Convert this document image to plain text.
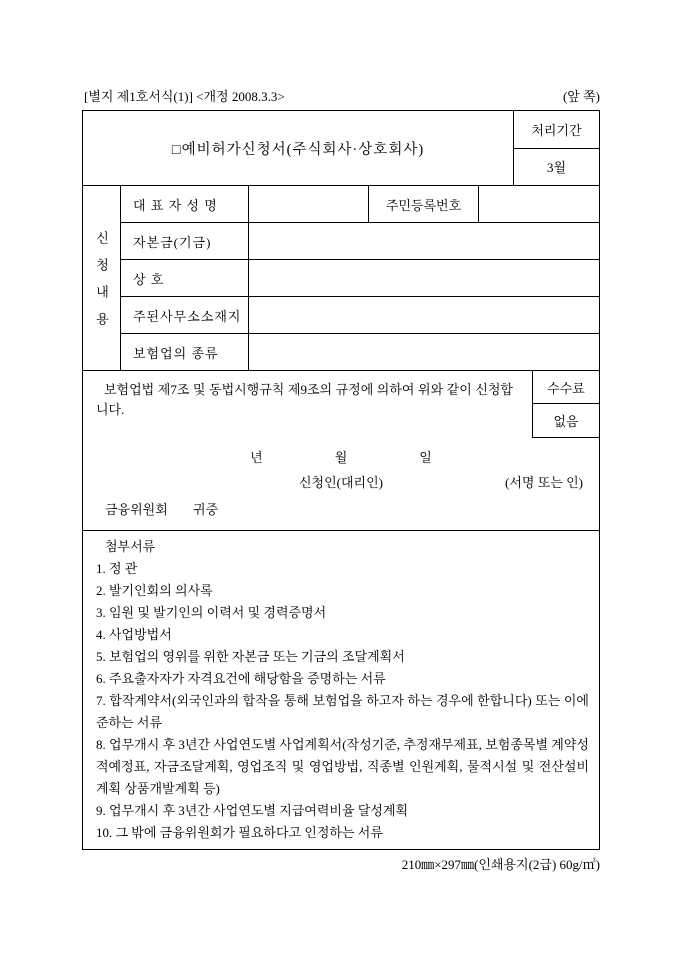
[별지 제1호서식(1)] <개정 2008.3.3>	(앞 쪽)
□예비허가신청서(주식회사·상호회사)
처리기간
3월
신청내용
대 표 자 성 명	주민등록번호
자본금(기금)
상 호
주된사무소소재지
보험업의 종류
보험업법 제7조 및 동법시행규칙 제9조의 규정에 의하여 위와 같이 신청합니다.
수수료
없음
년	월	일
신청인(대리인)	(서명 또는 인)
금융위원회 귀중
첨부서류
1. 정 관
2. 발기인회의 의사록
3. 임원 및 발기인의 이력서 및 경력증명서
4. 사업방법서
5. 보험업의 영위를 위한 자본금 또는 기금의 조달계획서
6. 주요출자자가 자격요건에 해당함을 증명하는 서류
7. 합작계약서(외국인과의 합작을 통해 보험업을 하고자 하는 경우에 한합니다) 또는 이에 준하는 서류
8. 업무개시 후 3년간 사업연도별 사업계획서(작성기준, 추정재무제표, 보험종목별 계약성적예정표, 자금조달계획, 영업조직 및 영업방법, 직종별 인원계획, 물적시설 및 전산설비계획 상품개발계획 등)
9. 업무개시 후 3년간 사업연도별 지급여력비율 달성계획
10. 그 밖에 금융위원회가 필요하다고 인정하는 서류
210㎜×297㎜(인쇄용지(2급) 60g/㎡)
